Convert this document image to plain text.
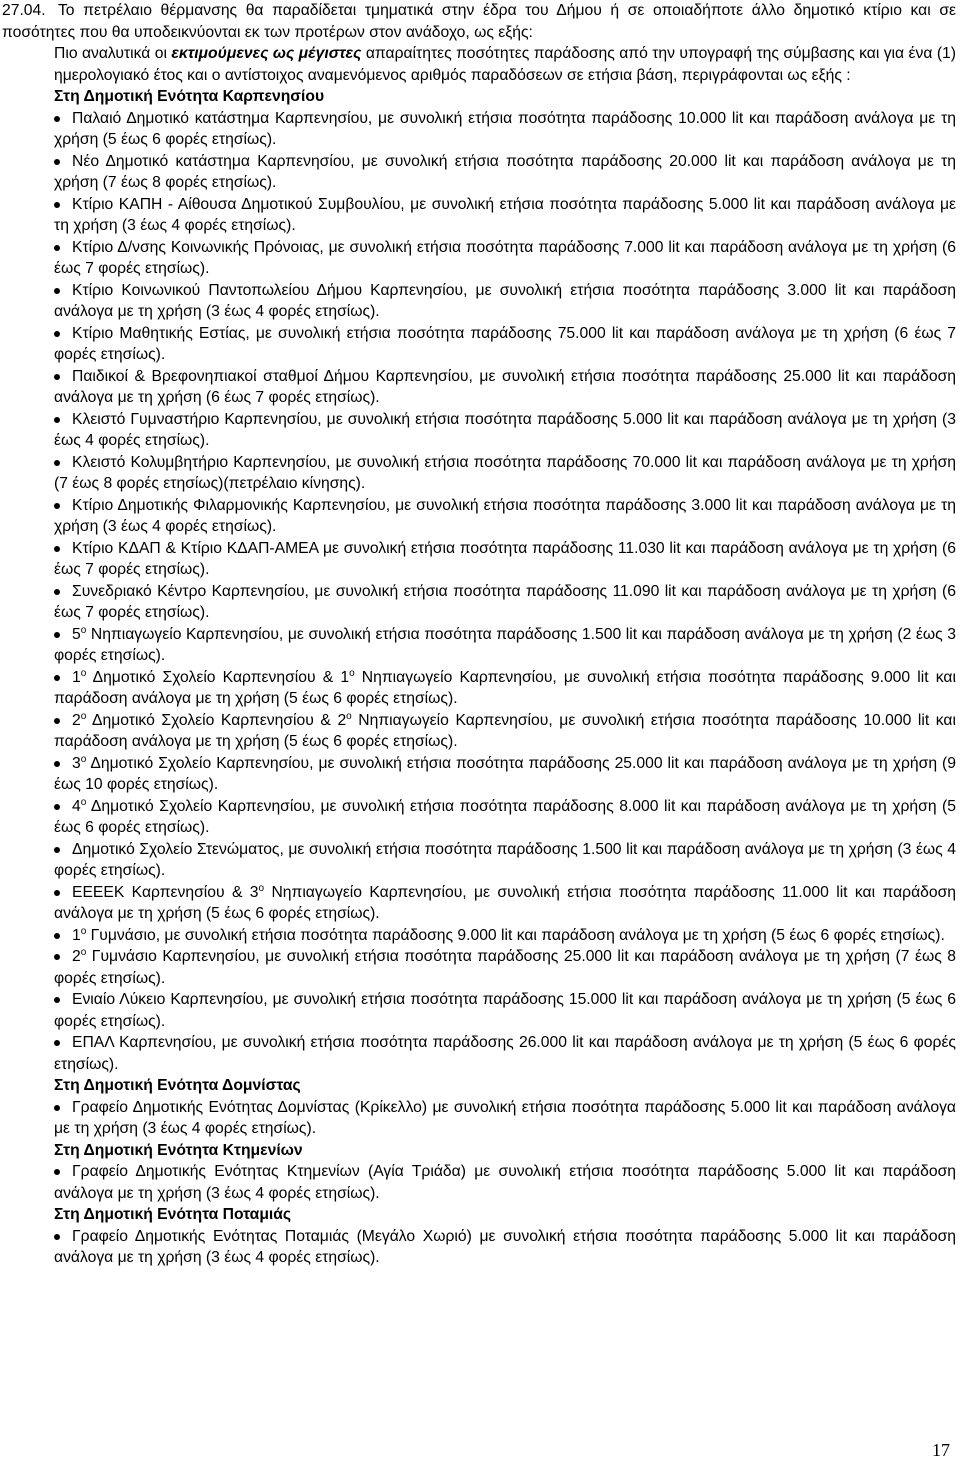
27.04. Το πετρέλαιο θέρμανσης θα παραδίδεται τμηματικά στην έδρα του Δήμου ή σε οποιαδήποτε άλλο δημοτικό κτίριο και σε ποσότητες που θα υποδεικνύονται εκ των προτέρων στον ανάδοχο, ως εξής:

Πιο αναλυτικά οι εκτιμούμενες ως μέγιστες απαραίτητες ποσότητες παράδοσης από την υπογραφή της σύμβασης και για ένα (1) ημερολογιακό έτος και ο αντίστοιχος αναμενόμενος αριθμός παραδόσεων σε ετήσια βάση, περιγράφονται ως εξής :

Στη Δημοτική Ενότητα Καρπενησίου

Παλαιό Δημοτικό κατάστημα Καρπενησίου, με συνολική ετήσια ποσότητα παράδοσης 10.000 lit και παράδοση ανάλογα με τη χρήση (5 έως 6 φορές ετησίως).
Νέο Δημοτικό κατάστημα Καρπενησίου, με συνολική ετήσια ποσότητα παράδοσης 20.000 lit και παράδοση ανάλογα με τη χρήση (7 έως 8 φορές ετησίως).
Κτίριο ΚΑΠΗ - Αίθουσα Δημοτικού Συμβουλίου, με συνολική ετήσια ποσότητα παράδοσης 5.000 lit και παράδοση ανάλογα με τη χρήση (3 έως 4 φορές ετησίως).
Κτίριο Δ/νσης Κοινωνικής Πρόνοιας, με συνολική ετήσια ποσότητα παράδοσης 7.000 lit και παράδοση ανάλογα με τη χρήση (6 έως 7 φορές ετησίως).
Κτίριο Κοινωνικού Παντοπωλείου Δήμου Καρπενησίου, με συνολική ετήσια ποσότητα παράδοσης 3.000 lit και παράδοση ανάλογα με τη χρήση (3 έως 4 φορές ετησίως).
Κτίριο Μαθητικής Εστίας, με συνολική ετήσια ποσότητα παράδοσης 75.000 lit και παράδοση ανάλογα με τη χρήση (6 έως 7 φορές ετησίως).
Παιδικοί & Βρεφονηπιακοί σταθμοί Δήμου Καρπενησίου, με συνολική ετήσια ποσότητα παράδοσης 25.000 lit και παράδοση ανάλογα με τη χρήση (6 έως 7 φορές ετησίως).
Κλειστό Γυμναστήριο Καρπενησίου, με συνολική ετήσια ποσότητα παράδοσης 5.000 lit και παράδοση ανάλογα με τη χρήση (3 έως 4 φορές ετησίως).
Κλειστό Κολυμβητήριο Καρπενησίου, με συνολική ετήσια ποσότητα παράδοσης 70.000 lit και παράδοση ανάλογα με τη χρήση (7 έως 8 φορές ετησίως)(πετρέλαιο κίνησης).
Κτίριο Δημοτικής Φιλαρμονικής Καρπενησίου, με συνολική ετήσια ποσότητα παράδοσης 3.000 lit και παράδοση ανάλογα με τη χρήση (3 έως 4 φορές ετησίως).
Κτίριο ΚΔΑΠ & Κτίριο ΚΔΑΠ-ΑΜΕΑ με συνολική ετήσια ποσότητα παράδοσης 11.030 lit και παράδοση ανάλογα με τη χρήση (6 έως 7 φορές ετησίως).
Συνεδριακό Κέντρο Καρπενησίου, με συνολική ετήσια ποσότητα παράδοσης 11.090 lit και παράδοση ανάλογα με τη χρήση (6 έως 7 φορές ετησίως).
$5^o$ Νηπιαγωγείο Καρπενησίου, με συνολική ετήσια ποσότητα παράδοσης 1.500 lit και παράδοση ανάλογα με τη χρήση (2 έως 3 φορές ετησίως).
$1^o$ Δημοτικό Σχολείο Καρπενησίου & $1^o$ Νηπιαγωγείο Καρπενησίου, με συνολική ετήσια ποσότητα παράδοσης 9.000 lit και παράδοση ανάλογα με τη χρήση (5 έως 6 φορές ετησίως).
$2^o$ Δημοτικό Σχολείο Καρπενησίου & $2^o$ Νηπιαγωγείο Καρπενησίου, με συνολική ετήσια ποσότητα παράδοσης 10.000 lit και παράδοση ανάλογα με τη χρήση (5 έως 6 φορές ετησίως).
$3^o$ Δημοτικό Σχολείο Καρπενησίου, με συνολική ετήσια ποσότητα παράδοσης 25.000 lit και παράδοση ανάλογα με τη χρήση (9 έως 10 φορές ετησίως).
$4^o$ Δημοτικό Σχολείο Καρπενησίου, με συνολική ετήσια ποσότητα παράδοσης 8.000 lit και παράδοση ανάλογα με τη χρήση (5 έως 6 φορές ετησίως).
Δημοτικό Σχολείο Στενώματος, με συνολική ετήσια ποσότητα παράδοσης 1.500 lit και παράδοση ανάλογα με τη χρήση (3 έως 4 φορές ετησίως).
ΕΕΕΕΚ Καρπενησίου & $3^o$ Νηπιαγωγείο Καρπενησίου, με συνολική ετήσια ποσότητα παράδοσης 11.000 lit και παράδοση ανάλογα με τη χρήση (5 έως 6 φορές ετησίως).
$1^o$ Γυμνάσιο, με συνολική ετήσια ποσότητα παράδοσης 9.000 lit και παράδοση ανάλογα με τη χρήση (5 έως 6 φορές ετησίως).
$2^o$ Γυμνάσιο Καρπενησίου, με συνολική ετήσια ποσότητα παράδοσης 25.000 lit και παράδοση ανάλογα με τη χρήση (7 έως 8 φορές ετησίως).
Ενιαίο Λύκειο Καρπενησίου, με συνολική ετήσια ποσότητα παράδοσης 15.000 lit και παράδοση ανάλογα με τη χρήση (5 έως 6 φορές ετησίως).
ΕΠΑΛ Καρπενησίου, με συνολική ετήσια ποσότητα παράδοσης 26.000 lit και παράδοση ανάλογα με τη χρήση (5 έως 6 φορές ετησίως).

Στη Δημοτική Ενότητα Δομνίστας

Γραφείο Δημοτικής Ενότητας Δομνίστας (Κρίκελλο) με συνολική ετήσια ποσότητα παράδοσης 5.000 lit και παράδοση ανάλογα με τη χρήση (3 έως 4 φορές ετησίως).

Στη Δημοτική Ενότητα Κτημενίων

Γραφείο Δημοτικής Ενότητας Κτημενίων (Αγία Τριάδα) με συνολική ετήσια ποσότητα παράδοσης 5.000 lit και παράδοση ανάλογα με τη χρήση (3 έως 4 φορές ετησίως).

Στη Δημοτική Ενότητα Ποταμιάς

Γραφείο Δημοτικής Ενότητας Ποταμιάς (Μεγάλο Χωριό) με συνολική ετήσια ποσότητα παράδοσης 5.000 lit και παράδοση ανάλογα με τη χρήση (3 έως 4 φορές ετησίως).
17
